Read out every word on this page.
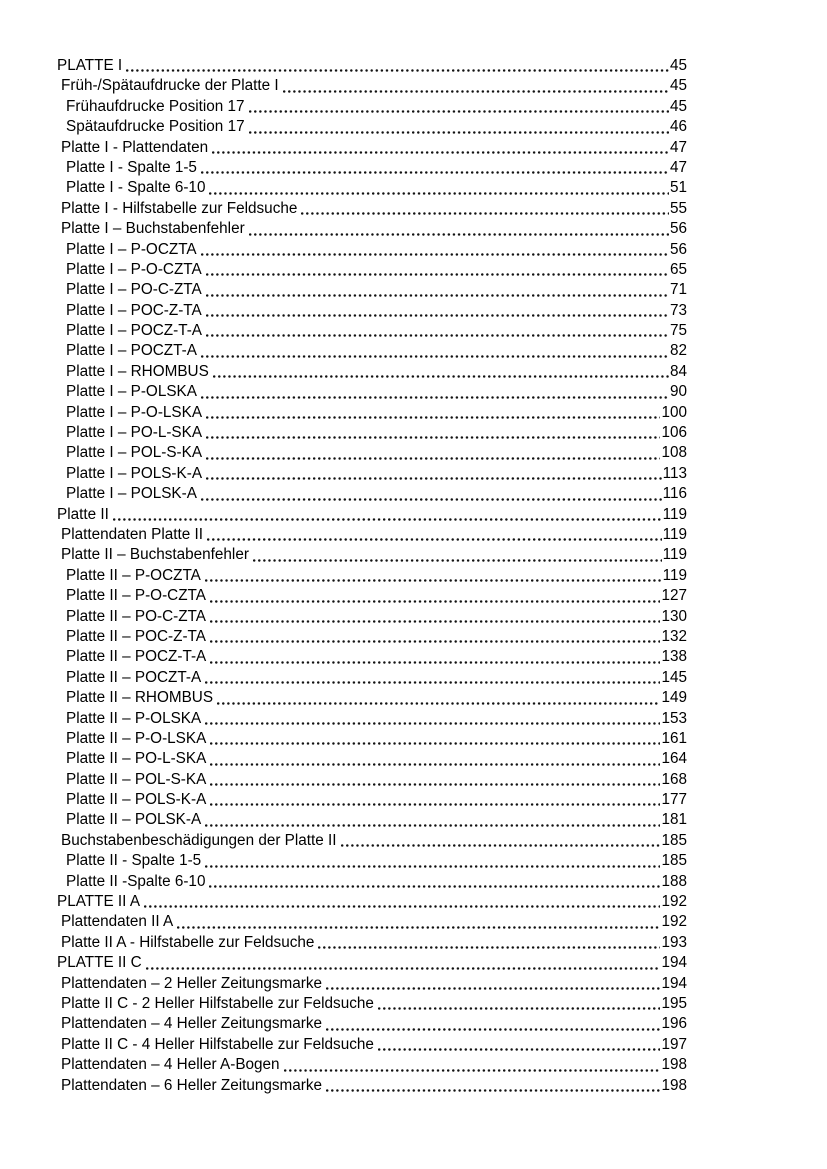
PLATTE I	45
Früh-/Spätaufdrucke der Platte I	45
Frühaufdrucke Position 17	45
Spätaufdrucke Position 17	46
Platte I - Plattendaten	47
Platte I - Spalte 1-5	47
Platte I - Spalte 6-10	51
Platte I - Hilfstabelle zur Feldsuche	55
Platte I – Buchstabenfehler	56
Platte I – P-OCZTA	56
Platte I – P-O-CZTA	65
Platte I – PO-C-ZTA	71
Platte I – POC-Z-TA	73
Platte I – POCZ-T-A	75
Platte I – POCZT-A	82
Platte I – RHOMBUS	84
Platte I – P-OLSKA	90
Platte I – P-O-LSKA	100
Platte I – PO-L-SKA	106
Platte I – POL-S-KA	108
Platte I – POLS-K-A	113
Platte I – POLSK-A	116
Platte II	119
Plattendaten Platte II	119
Platte II – Buchstabenfehler	119
Platte II – P-OCZTA	119
Platte II – P-O-CZTA	127
Platte II – PO-C-ZTA	130
Platte II – POC-Z-TA	132
Platte II – POCZ-T-A	138
Platte II – POCZT-A	145
Platte II – RHOMBUS	149
Platte II – P-OLSKA	153
Platte II – P-O-LSKA	161
Platte II – PO-L-SKA	164
Platte II – POL-S-KA	168
Platte II – POLS-K-A	177
Platte II – POLSK-A	181
Buchstabenbeschädigungen der Platte II	185
Platte II - Spalte 1-5	185
Platte II -Spalte 6-10	188
PLATTE II A	192
Plattendaten II A	192
Platte II A - Hilfstabelle zur Feldsuche	193
PLATTE II C	194
Plattendaten – 2 Heller Zeitungsmarke	194
Platte II C - 2 Heller Hilfstabelle zur Feldsuche	195
Plattendaten – 4 Heller Zeitungsmarke	196
Platte II C - 4 Heller Hilfstabelle zur Feldsuche	197
Plattendaten – 4 Heller A-Bogen	198
Plattendaten – 6 Heller Zeitungsmarke	198
